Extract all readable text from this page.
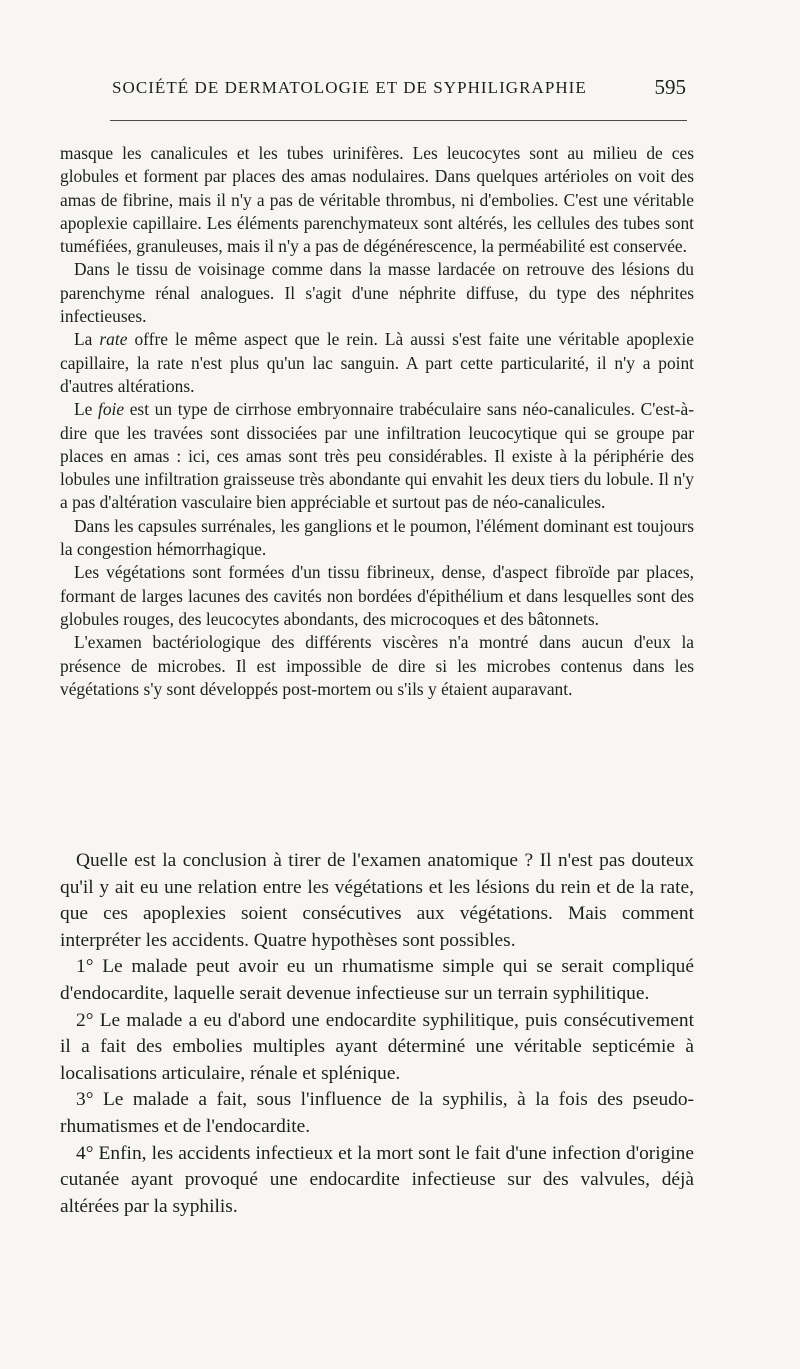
SOCIÉTÉ DE DERMATOLOGIE ET DE SYPHILIGRAPHIE	595

masque les canalicules et les tubes urinifères. Les leucocytes sont au milieu de ces globules et forment par places des amas nodulaires. Dans quelques artérioles on voit des amas de fibrine, mais il n'y a pas de véritable thrombus, ni d'embolies. C'est une véritable apoplexie capillaire. Les éléments parenchymateux sont altérés, les cellules des tubes sont tuméfiées, granuleuses, mais il n'y a pas de dégénérescence, la perméabilité est conservée.

Dans le tissu de voisinage comme dans la masse lardacée on retrouve des lésions du parenchyme rénal analogues. Il s'agit d'une néphrite diffuse, du type des néphrites infectieuses.

La rate offre le même aspect que le rein. Là aussi s'est faite une véritable apoplexie capillaire, la rate n'est plus qu'un lac sanguin. A part cette particularité, il n'y a point d'autres altérations.

Le foie est un type de cirrhose embryonnaire trabéculaire sans néo-canalicules. C'est-à-dire que les travées sont dissociées par une infiltration leucocytique qui se groupe par places en amas : ici, ces amas sont très peu considérables. Il existe à la périphérie des lobules une infiltration graisseuse très abondante qui envahit les deux tiers du lobule. Il n'y a pas d'altération vasculaire bien appréciable et surtout pas de néo-canalicules.

Dans les capsules surrénales, les ganglions et le poumon, l'élément dominant est toujours la congestion hémorrhagique.

Les végétations sont formées d'un tissu fibrineux, dense, d'aspect fibroïde par places, formant de larges lacunes des cavités non bordées d'épithélium et dans lesquelles sont des globules rouges, des leucocytes abondants, des microcoques et des bâtonnets.

L'examen bactériologique des différents viscères n'a montré dans aucun d'eux la présence de microbes. Il est impossible de dire si les microbes contenus dans les végétations s'y sont développés post-mortem ou s'ils y étaient auparavant.

Quelle est la conclusion à tirer de l'examen anatomique ? Il n'est pas douteux qu'il y ait eu une relation entre les végétations et les lésions du rein et de la rate, que ces apoplexies soient consécutives aux végétations. Mais comment interpréter les accidents. Quatre hypothèses sont possibles.

1° Le malade peut avoir eu un rhumatisme simple qui se serait compliqué d'endocardite, laquelle serait devenue infectieuse sur un terrain syphilitique.

2° Le malade a eu d'abord une endocardite syphilitique, puis consécutivement il a fait des embolies multiples ayant déterminé une véritable septicémie à localisations articulaire, rénale et splénique.

3° Le malade a fait, sous l'influence de la syphilis, à la fois des pseudo-rhumatismes et de l'endocardite.

4° Enfin, les accidents infectieux et la mort sont le fait d'une infection d'origine cutanée ayant provoqué une endocardite infectieuse sur des valvules, déjà altérées par la syphilis.
